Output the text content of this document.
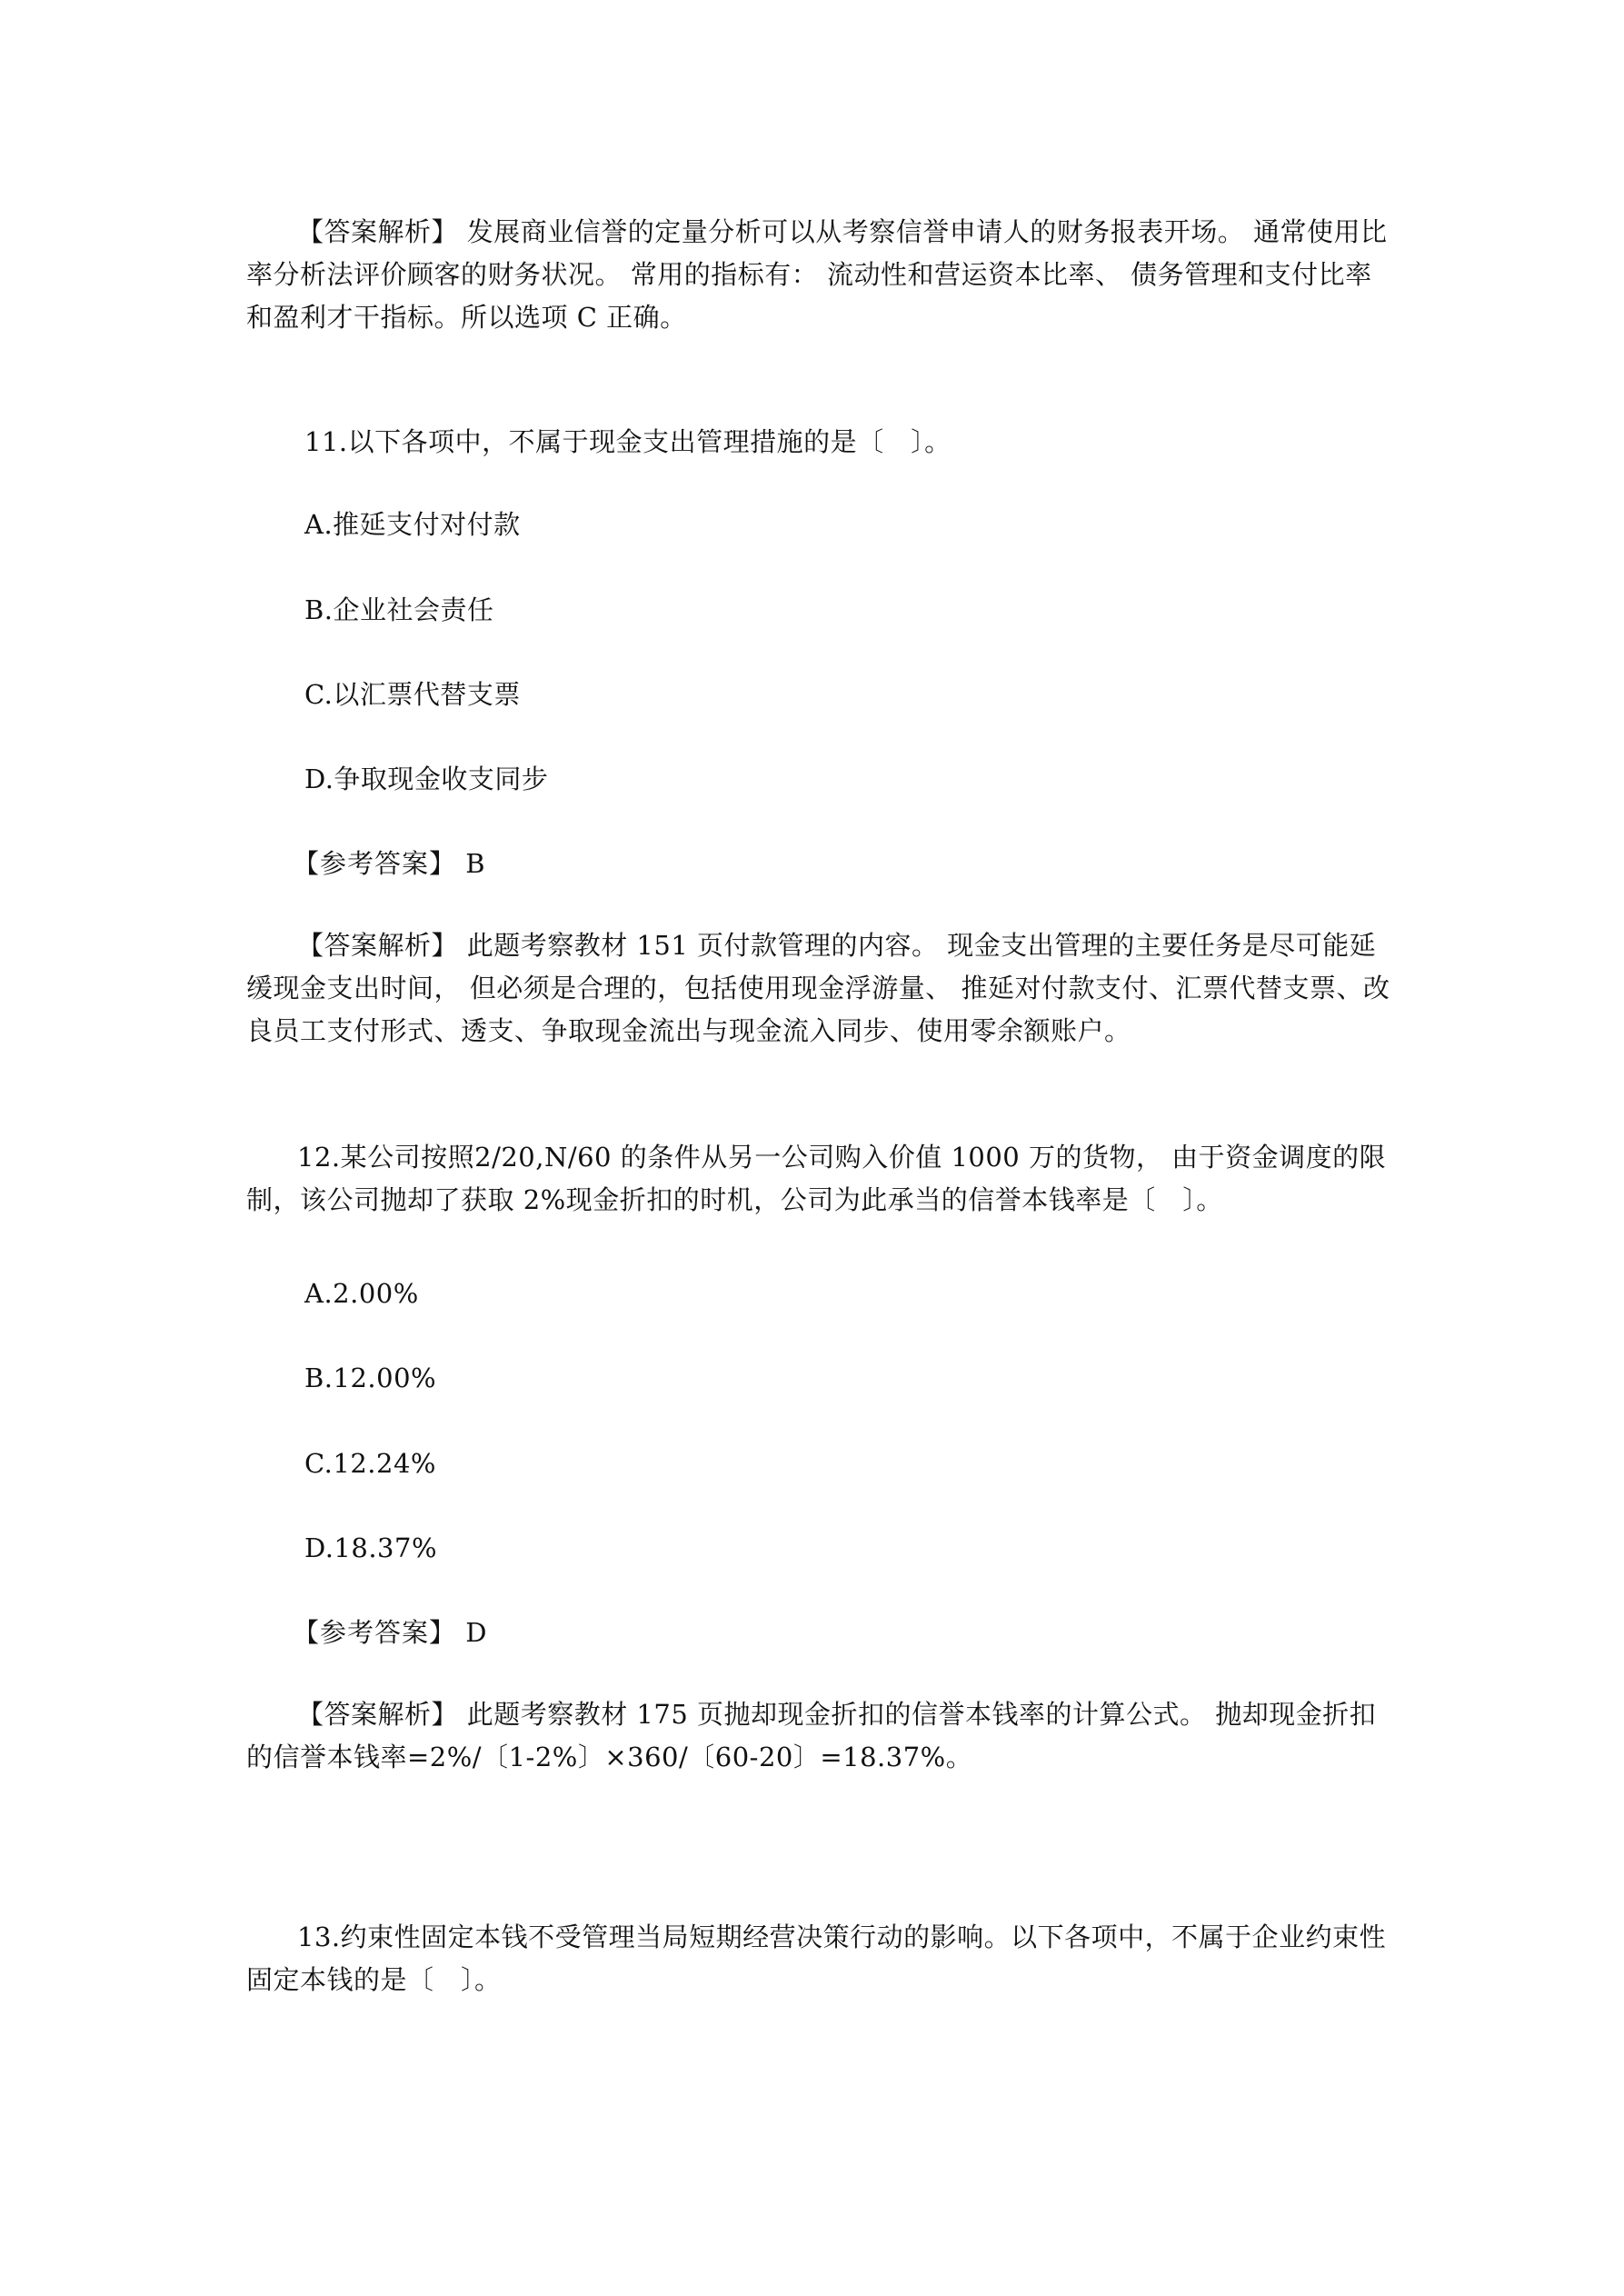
【答案解析】 发展商业信誉的定量分析可以从考察信誉申请人的财务报表开场。 通常使用比率分析法评价顾客的财务状况。 常用的指标有： 流动性和营运资本比率、 债务管理和支付比率和盈利才干指标。所以选项 C 正确。
11.以下各项中，不属于现金支出管理措施的是〔　〕。
A.推延支付对付款
B.企业社会责任
C.以汇票代替支票
D.争取现金收支同步
【参考答案】 B
【答案解析】 此题考察教材 151 页付款管理的内容。 现金支出管理的主要任务是尽可能延缓现金支出时间， 但必须是合理的，包括使用现金浮游量、 推延对付款支付、汇票代替支票、改良员工支付形式、透支、争取现金流出与现金流入同步、使用零余额账户。
12.某公司按照2/20,N/60 的条件从另一公司购入价值 1000 万的货物， 由于资金调度的限制，该公司抛却了获取 2%现金折扣的时机，公司为此承当的信誉本钱率是〔　〕。
A.2.00%
B.12.00%
C.12.24%
D.18.37%
【参考答案】 D
【答案解析】 此题考察教材 175 页抛却现金折扣的信誉本钱率的计算公式。 抛却现金折扣的信誉本钱率=2%/〔1-2%〕×360/〔60-20〕=18.37%。
13.约束性固定本钱不受管理当局短期经营决策行动的影响。以下各项中，不属于企业约束性固定本钱的是〔　〕。
